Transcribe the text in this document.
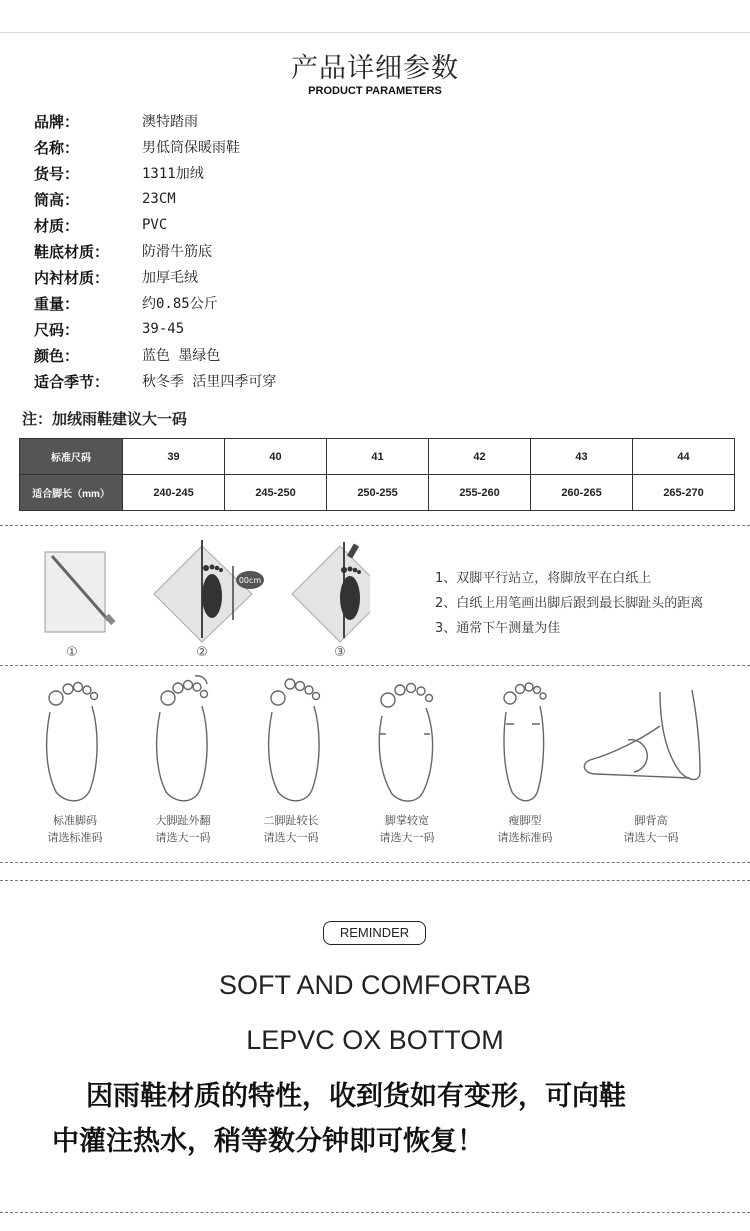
产品详细参数
PRODUCT PARAMETERS
品牌：	澳特踏雨
名称：	男低筒保暖雨鞋
货号：	1311加绒
筒高：	23CM
材质：	PVC
鞋底材质：	防滑牛筋底
内衬材质：	加厚毛绒
重量：	约0.85公斤
尺码：	39-45
颜色：	蓝色 墨绿色
适合季节：	秋冬季 活里四季可穿
注：加绒雨鞋建议大一码
标准尺码	39	40	41	42	43	44
适合脚长（mm）	240-245	245-250	250-255	255-260	260-265	265-270
00cm
①	②	③
1、双脚平行站立，将脚放平在白纸上
2、白纸上用笔画出脚后跟到最长脚趾头的距离
3、通常下午测量为佳
标准脚码
请选标准码
大脚趾外翻
请选大一码
二脚趾较长
请选大一码
脚掌较宽
请选大一码
瘦脚型
请选标准码
脚背高
请选大一码
REMINDER
SOFT AND COMFORTAB
LEPVC OX BOTTOM
因雨鞋材质的特性，收到货如有变形，可向鞋
中灌注热水，稍等数分钟即可恢复！
